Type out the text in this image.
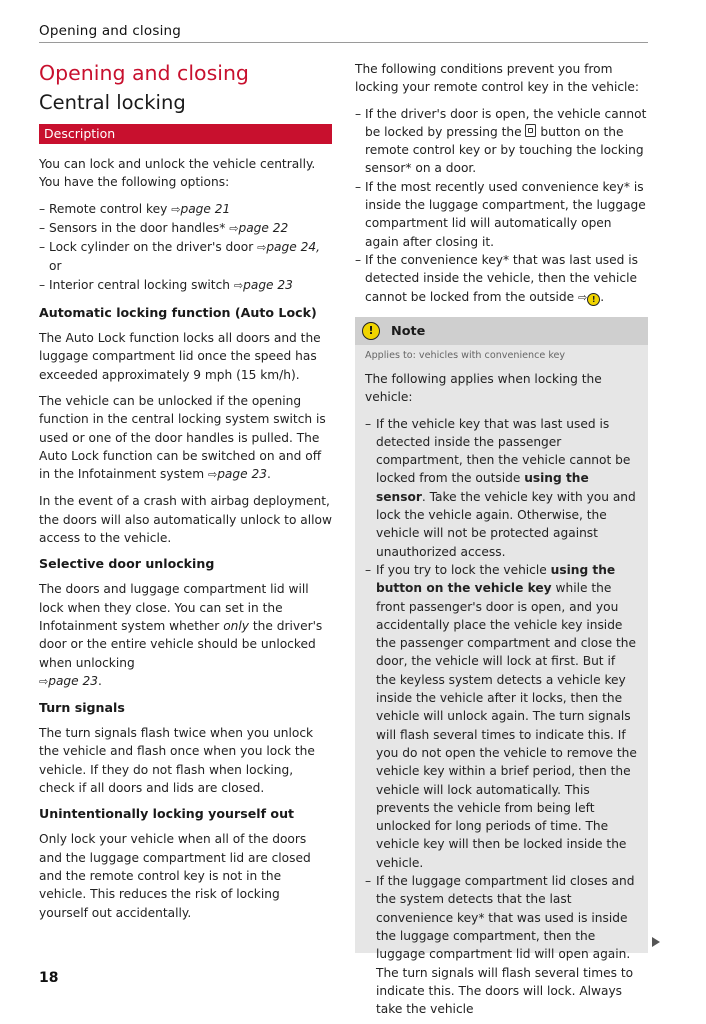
Opening and closing
Opening and closing
Central locking
Description

You can lock and unlock the vehicle centrally. You have the following options:

– Remote control key ⇨page 21
– Sensors in the door handles* ⇨page 22
– Lock cylinder on the driver's door ⇨page 24,
or
– Interior central locking switch ⇨page 23
Automatic locking function (Auto Lock)

The Auto Lock function locks all doors and the luggage compartment lid once the speed has exceeded approximately 9 mph (15 km/h).

The vehicle can be unlocked if the opening function in the central locking system switch is used or one of the door handles is pulled. The Auto Lock function can be switched on and off in the Infotainment system ⇨page 23.

In the event of a crash with airbag deployment, the doors will also automatically unlock to allow access to the vehicle.

Selective door unlocking

The doors and luggage compartment lid will lock when they close. You can set in the Infotainment system whether only the driver's door or the entire vehicle should be unlocked when unlocking
⇨page 23.

Turn signals

The turn signals flash twice when you unlock the vehicle and flash once when you lock the vehicle. If they do not flash when locking, check if all doors and lids are closed.

Unintentionally locking yourself out

Only lock your vehicle when all of the doors and the luggage compartment lid are closed and the remote control key is not in the vehicle. This reduces the risk of locking yourself out accidentally.

The following conditions prevent you from locking your remote control key in the vehicle:

– If the driver's door is open, the vehicle cannot be locked by pressing the button on the remote control key or by touching the locking sensor* on a door.
– If the most recently used convenience key* is inside the luggage compartment, the luggage compartment lid will automatically open again after closing it.
– If the convenience key* that was last used is detected inside the vehicle, then the vehicle cannot be locked from the outside ⇨ ! .
!	Note

Applies to: vehicles with convenience key

The following applies when locking the vehicle:

– If the vehicle key that was last used is detected inside the passenger compartment, then the vehicle cannot be locked from the outside using the sensor. Take the vehicle key with you and lock the vehicle again. Otherwise, the vehicle will not be protected against unauthorized access.
– If you try to lock the vehicle using the button on the vehicle key while the front passenger's door is open, and you accidentally place the vehicle key inside the passenger compartment and close the door, the vehicle will lock at first. But if the keyless system detects a vehicle key inside the vehicle after it locks, then the vehicle will unlock again. The turn signals will flash several times to indicate this. If you do not open the vehicle to remove the vehicle key within a brief period, then the vehicle will lock automatically. This prevents the vehicle from being left unlocked for long periods of time. The vehicle key will then be locked inside the vehicle.
– If the luggage compartment lid closes and the system detects that the last convenience key* that was used is inside the luggage compartment, then the luggage compartment lid will open again. The turn signals will flash several times to indicate this. The doors will lock. Always take the vehicle
18
